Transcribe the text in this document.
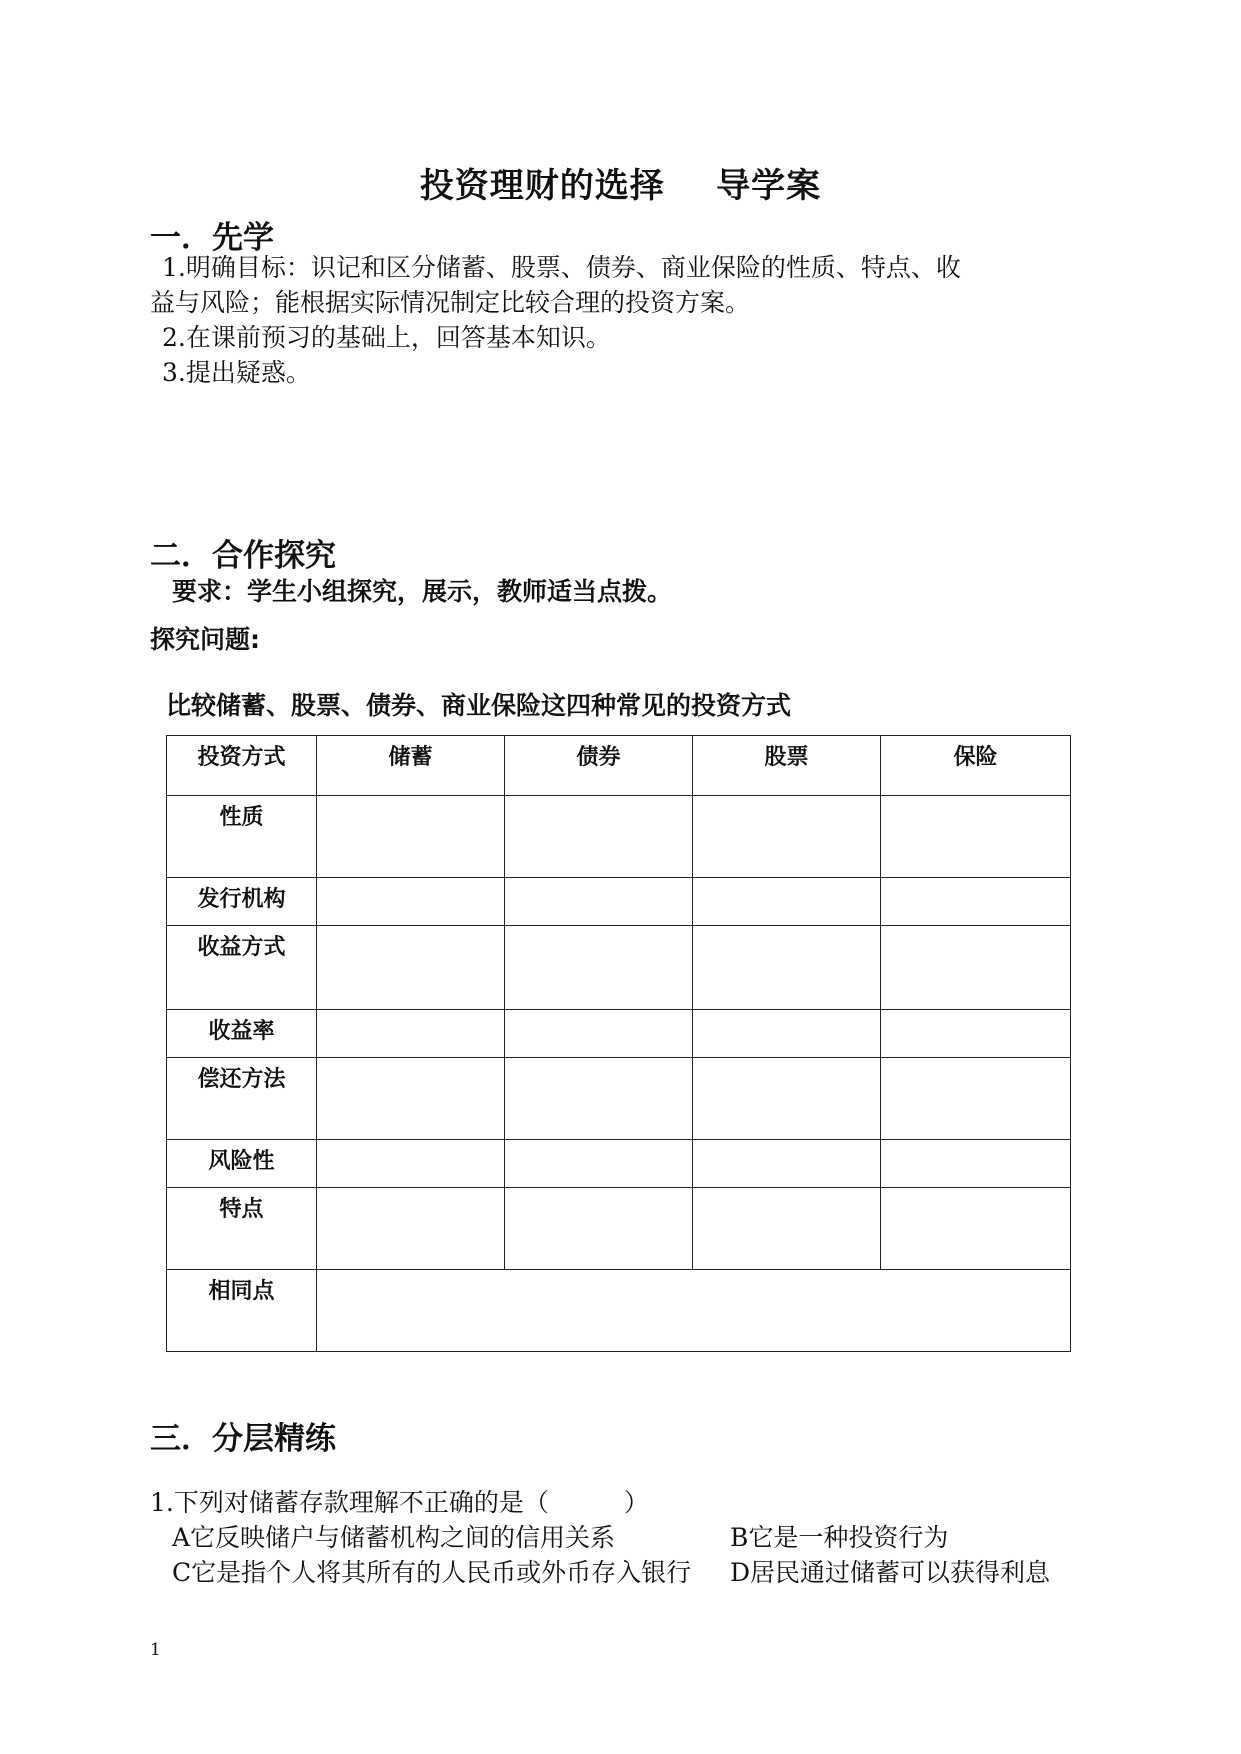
投资理财的选择    导学案
一．先学
1.明确目标：识记和区分储蓄、股票、债券、商业保险的性质、特点、收
益与风险；能根据实际情况制定比较合理的投资方案。
2.在课前预习的基础上，回答基本知识。
3.提出疑惑。
二．合作探究
要求：学生小组探究，展示，教师适当点拨。
探究问题:
比较储蓄、股票、债券、商业保险这四种常见的投资方式
投资方式	储蓄	债券	股票	保险
性质				
发行机构				
收益方式				
收益率				
偿还方法				
风险性				
特点				
相同点				
三．分层精练
1.下列对储蓄存款理解不正确的是（　　　）
A它反映储户与储蓄机构之间的信用关系	B它是一种投资行为
C它是指个人将其所有的人民币或外币存入银行 D居民通过储蓄可以获得利息
1
